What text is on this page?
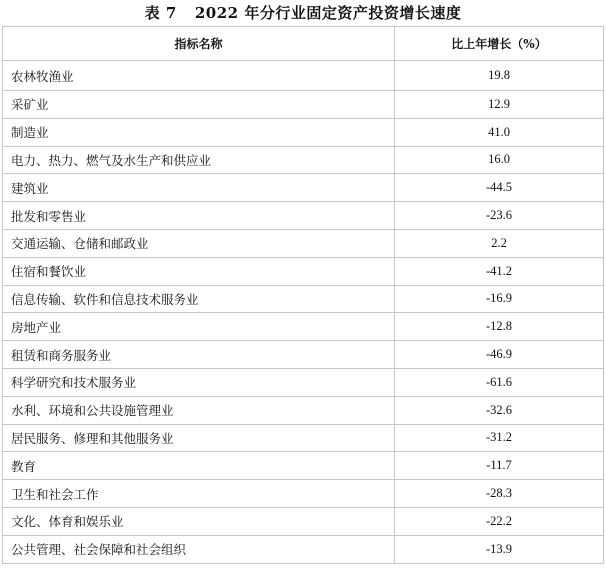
表 7 2022 年分行业固定资产投资增长速度
指标名称	比上年增长（%）
农林牧渔业	19.8
采矿业	12.9
制造业	41.0
电力、热力、燃气及水生产和供应业	16.0
建筑业	-44.5
批发和零售业	-23.6
交通运输、仓储和邮政业	2.2
住宿和餐饮业	-41.2
信息传输、软件和信息技术服务业	-16.9
房地产业	-12.8
租赁和商务服务业	-46.9
科学研究和技术服务业	-61.6
水利、环境和公共设施管理业	-32.6
居民服务、修理和其他服务业	-31.2
教育	-11.7
卫生和社会工作	-28.3
文化、体育和娱乐业	-22.2
公共管理、社会保障和社会组织	-13.9
